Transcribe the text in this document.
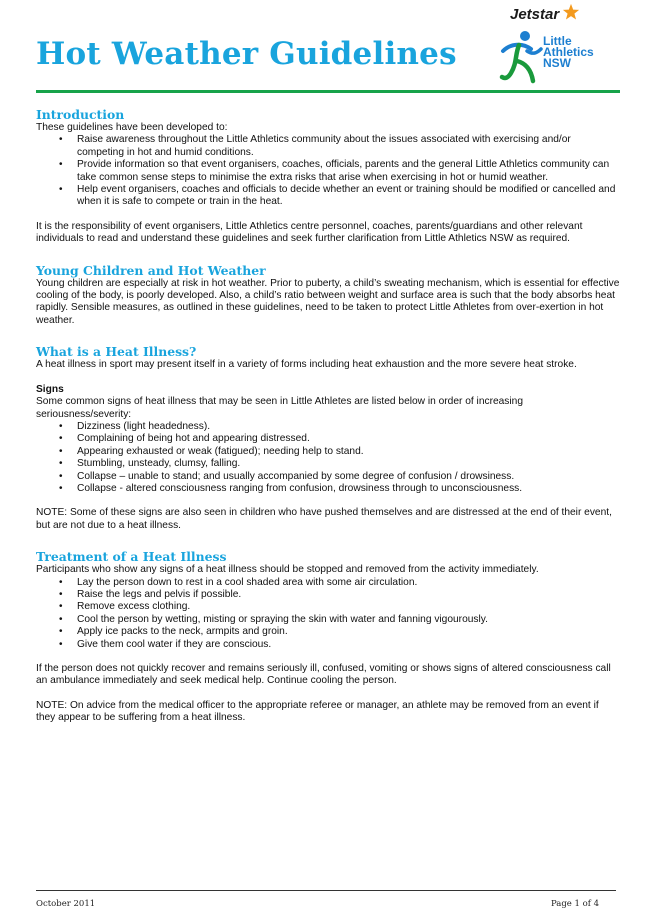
Hot Weather Guidelines
Jetstar
Little
Athletics
NSW
Introduction

These guidelines have been developed to:

• Raise awareness throughout the Little Athletics community about the issues associated with exercising and/or competing in hot and humid conditions.
• Provide information so that event organisers, coaches, officials, parents and the general Little Athletics community can take common sense steps to minimise the extra risks that arise when exercising in hot or humid weather.
• Help event organisers, coaches and officials to decide whether an event or training should be modified or cancelled and when it is safe to compete or train in the heat.

It is the responsibility of event organisers, Little Athletics centre personnel, coaches, parents/guardians and other relevant individuals to read and understand these guidelines and seek further clarification from Little Athletics NSW as required.

Young Children and Hot Weather

Young children are especially at risk in hot weather. Prior to puberty, a child’s sweating mechanism, which is essential for effective cooling of the body, is poorly developed. Also, a child’s ratio between weight and surface area is such that the body absorbs heat rapidly. Sensible measures, as outlined in these guidelines, need to be taken to protect Little Athletes from over-exertion in hot weather.

What is a Heat Illness?

A heat illness in sport may present itself in a variety of forms including heat exhaustion and the more severe heat stroke.

Signs

Some common signs of heat illness that may be seen in Little Athletes are listed below in order of increasing seriousness/severity:

• Dizziness (light headedness).
• Complaining of being hot and appearing distressed.
• Appearing exhausted or weak (fatigued); needing help to stand.
• Stumbling, unsteady, clumsy, falling.
• Collapse – unable to stand; and usually accompanied by some degree of confusion / drowsiness.
• Collapse - altered consciousness ranging from confusion, drowsiness through to unconsciousness.

NOTE: Some of these signs are also seen in children who have pushed themselves and are distressed at the end of their event, but are not due to a heat illness.

Treatment of a Heat Illness

Participants who show any signs of a heat illness should be stopped and removed from the activity immediately.

• Lay the person down to rest in a cool shaded area with some air circulation.
• Raise the legs and pelvis if possible.
• Remove excess clothing.
• Cool the person by wetting, misting or spraying the skin with water and fanning vigourously.
• Apply ice packs to the neck, armpits and groin.
• Give them cool water if they are conscious.

If the person does not quickly recover and remains seriously ill, confused, vomiting or shows signs of altered consciousness call an ambulance immediately and seek medical help. Continue cooling the person.

NOTE: On advice from the medical officer to the appropriate referee or manager, an athlete may be removed from an event if they appear to be suffering from a heat illness.

October 2011	Page 1 of 4
